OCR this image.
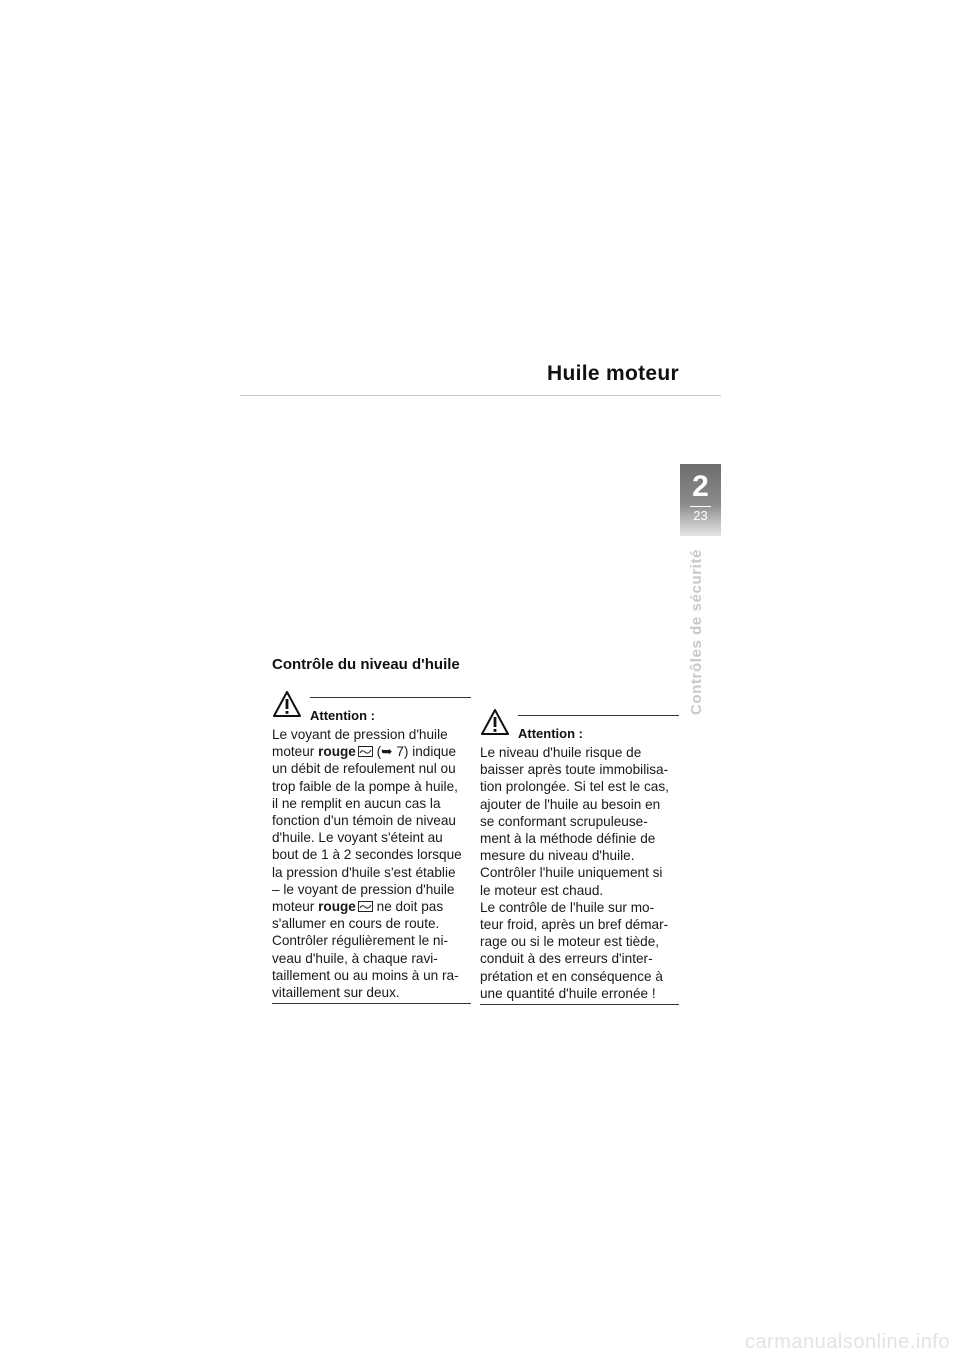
Huile moteur
2
23
Contrôles de sécurité
Contrôle du niveau d'huile
Attention :
Le voyant de pression d'huile
moteur rouge (➥ 7) indique
un débit de refoulement nul ou
trop faible de la pompe à huile,
il ne remplit en aucun cas la
fonction d'un témoin de niveau
d'huile. Le voyant s'éteint au
bout de 1 à 2 secondes lorsque
la pression d'huile s'est établie
– le voyant de pression d'huile
moteur rouge ne doit pas
s'allumer en cours de route.
Contrôler régulièrement le ni-
veau d'huile, à chaque ravi-
taillement ou au moins à un ra-
vitaillement sur deux.
Attention :
Le niveau d'huile risque de
baisser après toute immobilisa-
tion prolongée. Si tel est le cas,
ajouter de l'huile au besoin en
se conformant scrupuleuse-
ment à la méthode définie de
mesure du niveau d'huile.
Contrôler l'huile uniquement si
le moteur est chaud.
Le contrôle de l'huile sur mo-
teur froid, après un bref démar-
rage ou si le moteur est tiède,
conduit à des erreurs d'inter-
prétation et en conséquence à
une quantité d'huile erronée !
carmanualsonline.info
